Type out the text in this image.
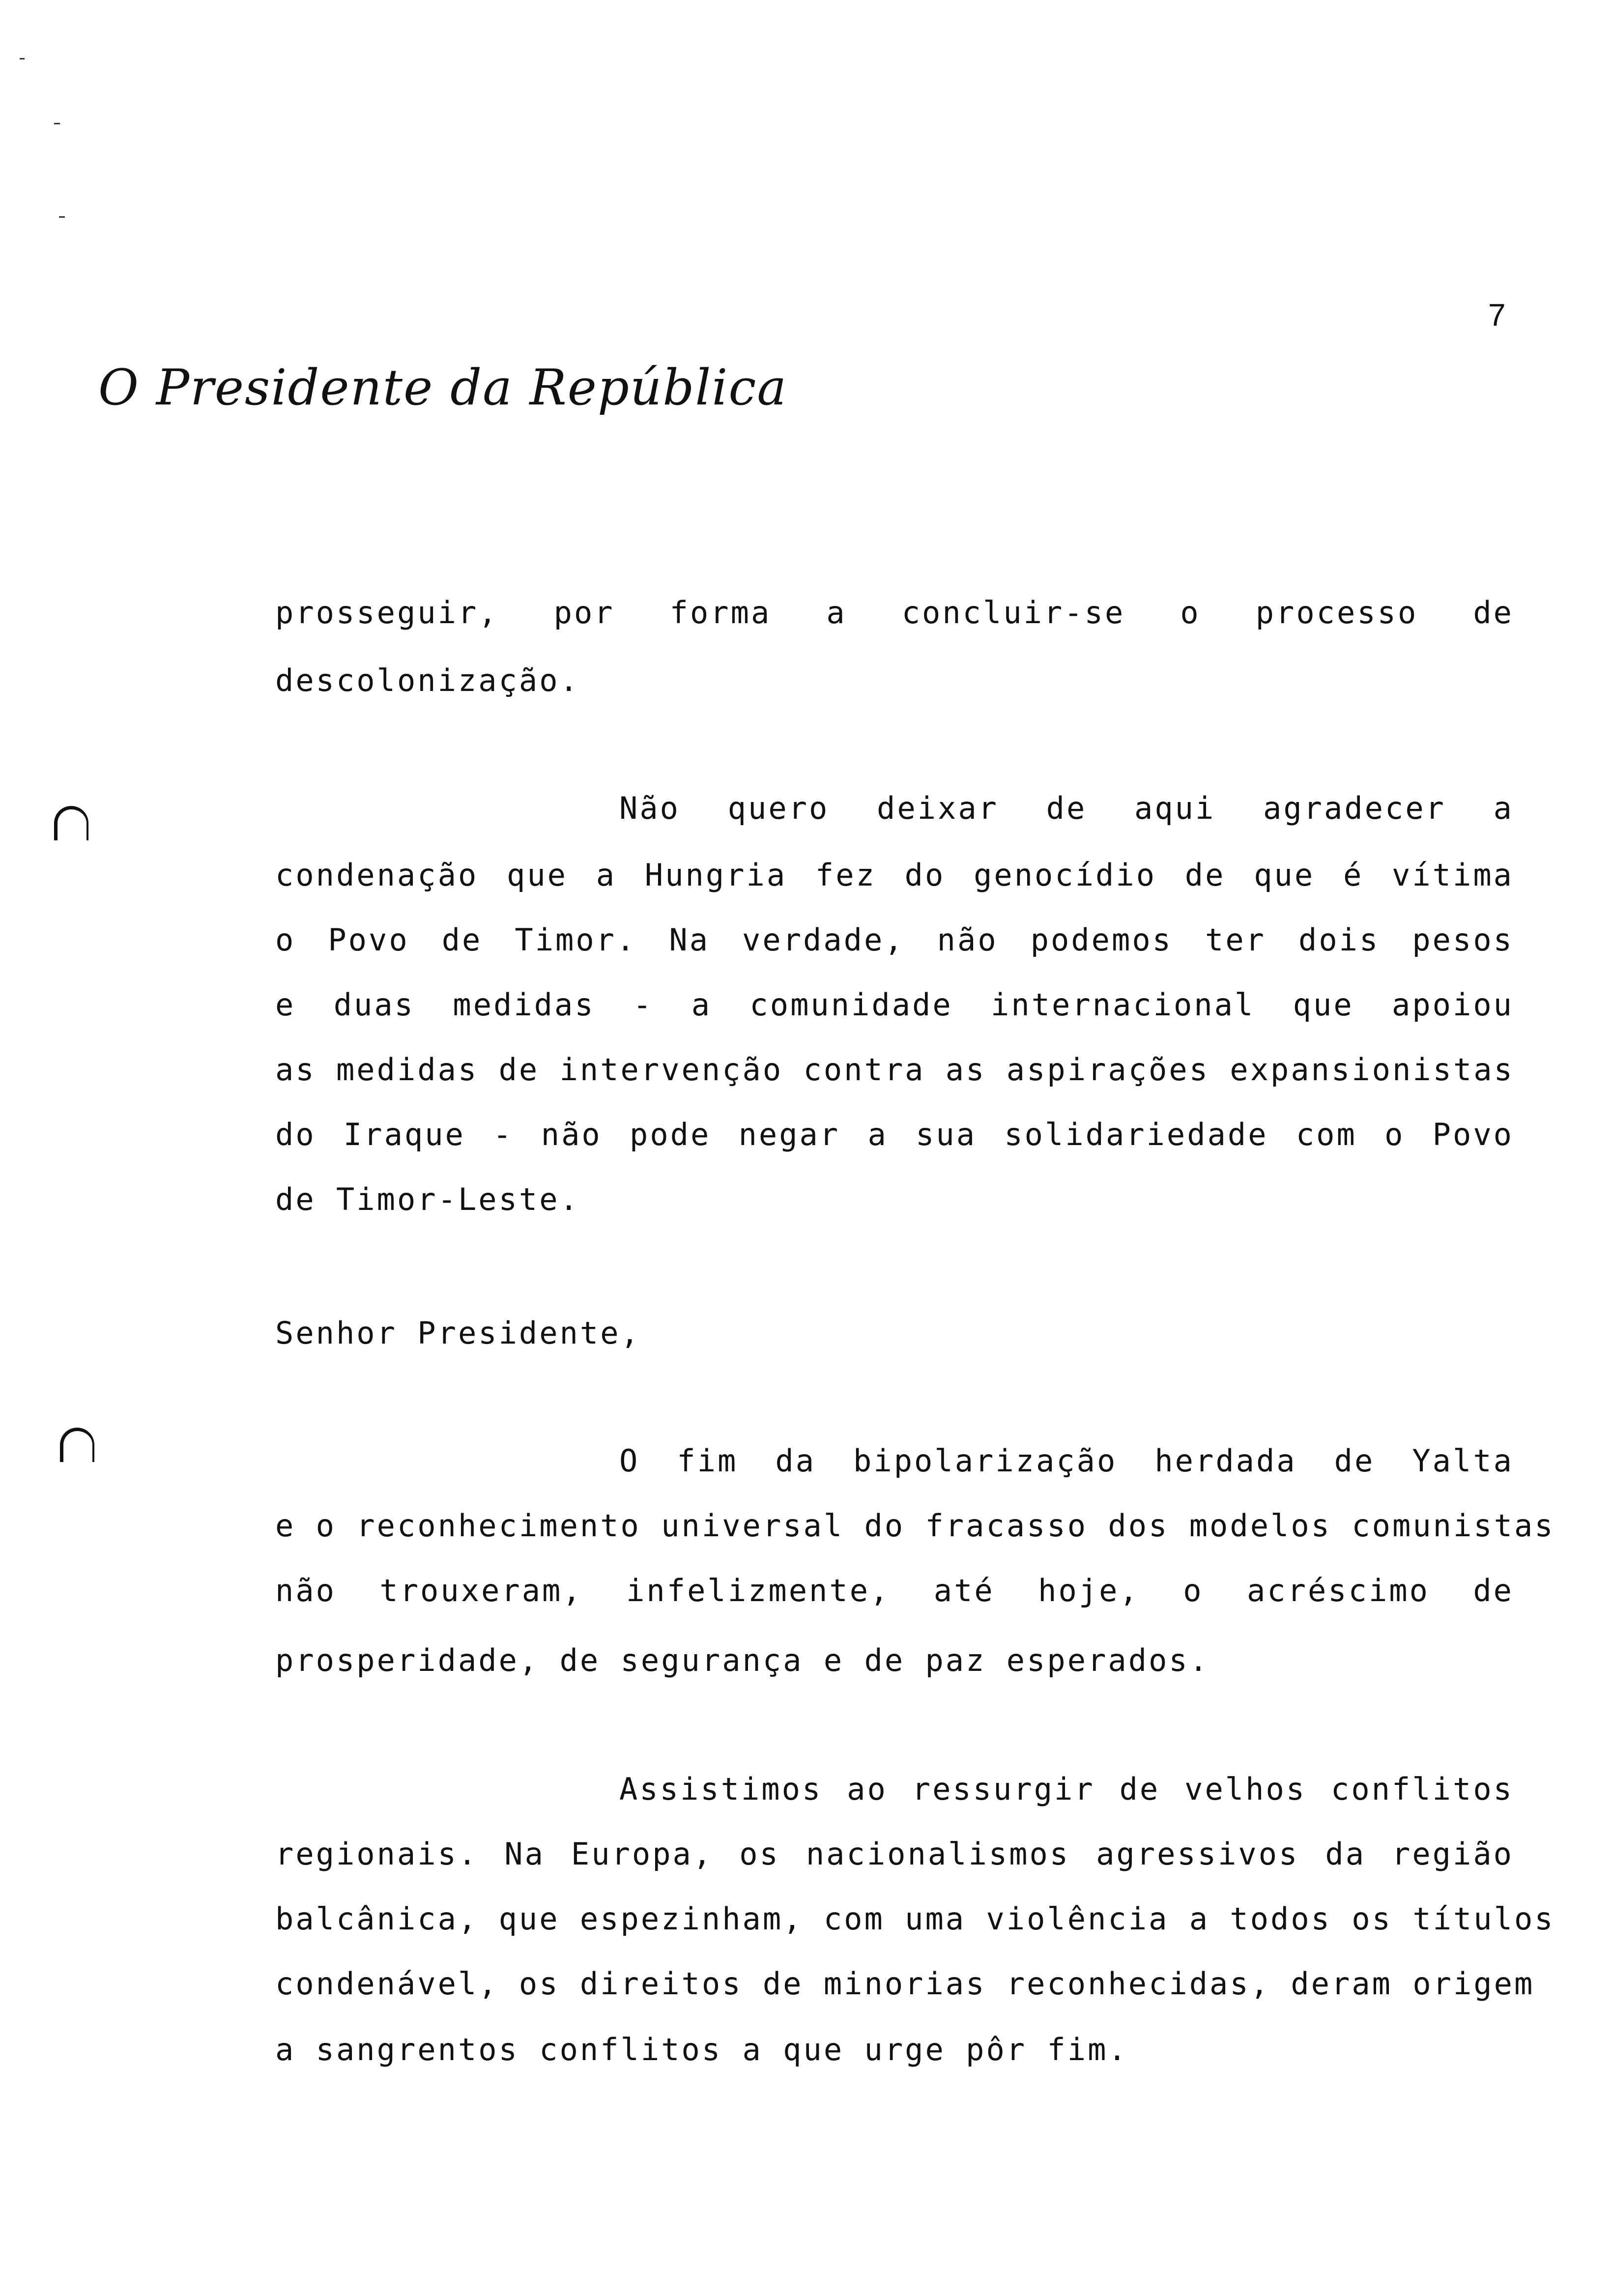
7
O Presidente da República
prosseguir, por forma a concluir-se o processo de
descolonização.
Não quero deixar de aqui agradecer a
condenação que a Hungria fez do genocídio de que é vítima
o Povo de Timor. Na verdade, não podemos ter dois pesos
e duas medidas - a comunidade internacional que apoiou
as medidas de intervenção contra as aspirações expansionistas
do Iraque - não pode negar a sua solidariedade com o Povo
de Timor-Leste.
Senhor Presidente,
O fim da bipolarização herdada de Yalta
e o reconhecimento universal do fracasso dos modelos comunistas
não trouxeram, infelizmente, até hoje, o acréscimo de
prosperidade, de segurança e de paz esperados.
Assistimos ao ressurgir de velhos conflitos
regionais. Na Europa, os nacionalismos agressivos da região
balcânica, que espezinham, com uma violência a todos os títulos
condenável, os direitos de minorias reconhecidas, deram origem
a sangrentos conflitos a que urge pôr fim.
